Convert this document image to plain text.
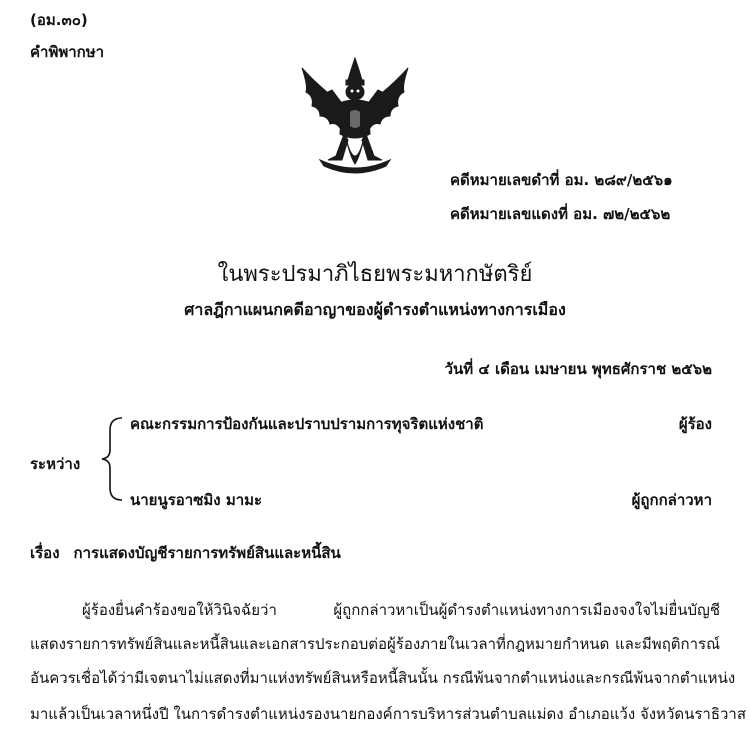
(อม.๓๐)
คำพิพากษา
คดีหมายเลขดำที่ อม. ๒๘๙/๒๕๖๑
คดีหมายเลขแดงที่ อม. ๗๒/๒๕๖๒
ในพระปรมาภิไธยพระมหากษัตริย์
ศาลฎีกาแผนกคดีอาญาของผู้ดำรงตำแหน่งทางการเมือง
วันที่ ๔ เดือน เมษายน พุทธศักราช ๒๕๖๒
ระหว่าง
คณะกรรมการป้องกันและปราบปรามการทุจริตแห่งชาติ	ผู้ร้อง
นายนูรอาซมิง มามะ	ผู้ถูกกล่าวหา
เรื่อง การแสดงบัญชีรายการทรัพย์สินและหนี้สิน
ผู้ร้องยื่นคำร้องขอให้วินิจฉัยว่า ผู้ถูกกล่าวหาเป็นผู้ดำรงตำแหน่งทางการเมืองจงใจไม่ยื่นบัญชี
แสดงรายการทรัพย์สินและหนี้สินและเอกสารประกอบต่อผู้ร้องภายในเวลาที่กฎหมายกำหนด และมีพฤติการณ์
อันควรเชื่อได้ว่ามีเจตนาไม่แสดงที่มาแห่งทรัพย์สินหรือหนี้สินนั้น กรณีพ้นจากตำแหน่งและกรณีพ้นจากตำแหน่ง
มาแล้วเป็นเวลาหนึ่งปี ในการดำรงตำแหน่งรองนายกองค์การบริหารส่วนตำบลแม่ดง อำเภอแว้ง จังหวัดนราธิวาส
